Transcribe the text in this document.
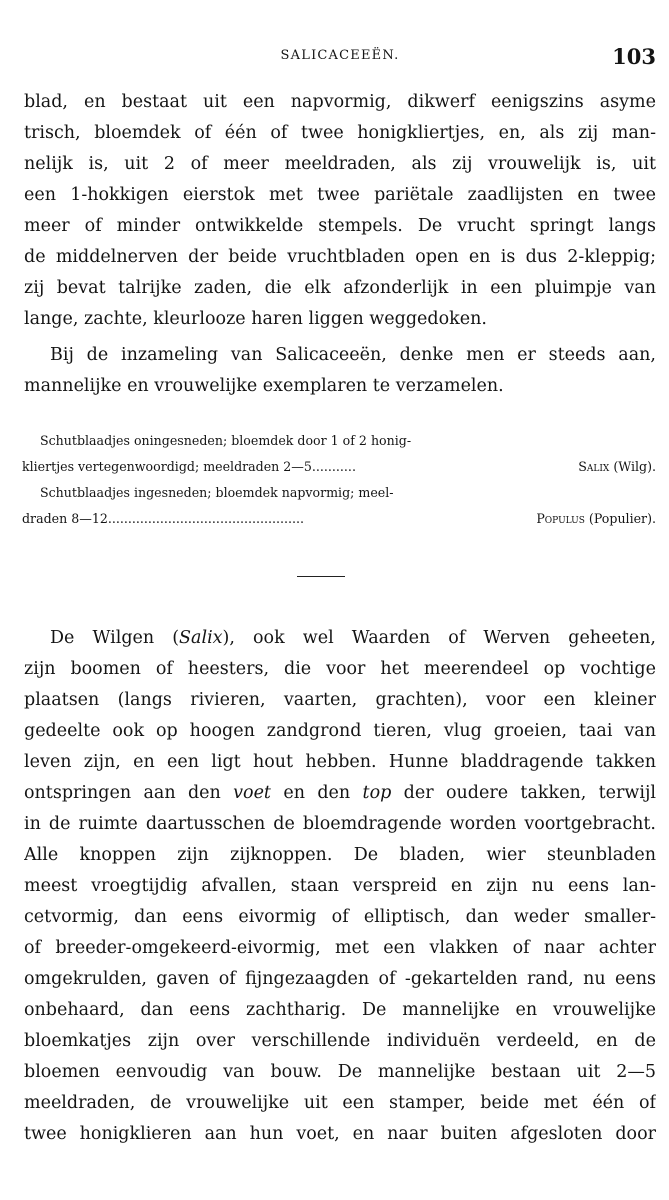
SALICACEEËN.	103
blad, en bestaat uit een napvormig, dikwerf eenigszins asyme
trisch, bloemdek of één of twee honigkliertjes, en, als zij man-
nelijk is, uit 2 of meer meeldraden, als zij vrouwelijk is, uit
een 1-hokkigen eierstok met twee pariëtale zaadlijsten en twee
meer of minder ontwikkelde stempels. De vrucht springt langs
de middelnerven der beide vruchtbladen open en is dus 2-kleppig;
zij bevat talrijke zaden, die elk afzonderlijk in een pluimpje van
lange, zachte, kleurlooze haren liggen weggedoken.
Bij de inzameling van Salicaceeën, denke men er steeds aan,
mannelijke en vrouwelijke exemplaren te verzamelen.
Schutblaadjes oningesneden; bloemdek door 1 of 2 honig-
kliertjes vertegenwoordigd; meeldraden 2—5...........	Salix (Wilg).
Schutblaadjes ingesneden; bloemdek napvormig; meel-
draden 8—12.................................................	Populus (Populier).
De Wilgen (Salix), ook wel Waarden of Werven geheeten,
zijn boomen of heesters, die voor het meerendeel op vochtige
plaatsen (langs rivieren, vaarten, grachten), voor een kleiner
gedeelte ook op hoogen zandgrond tieren, vlug groeien, taai van
leven zijn, en een ligt hout hebben. Hunne bladdragende takken
ontspringen aan den voet en den top der oudere takken, terwijl
in de ruimte daartusschen de bloemdragende worden voortgebracht.
Alle knoppen zijn zijknoppen. De bladen, wier steunbladen
meest vroegtijdig afvallen, staan verspreid en zijn nu eens lan-
cetvormig, dan eens eivormig of elliptisch, dan weder smaller-
of breeder-omgekeerd-eivormig, met een vlakken of naar achter
omgekrulden, gaven of fijngezaagden of -gekartelden rand, nu eens
onbehaard, dan eens zachtharig. De mannelijke en vrouwelijke
bloemkatjes zijn over verschillende individuën verdeeld, en de
bloemen eenvoudig van bouw. De mannelijke bestaan uit 2—5
meeldraden, de vrouwelijke uit een stamper, beide met één of
twee honigklieren aan hun voet, en naar buiten afgesloten door
